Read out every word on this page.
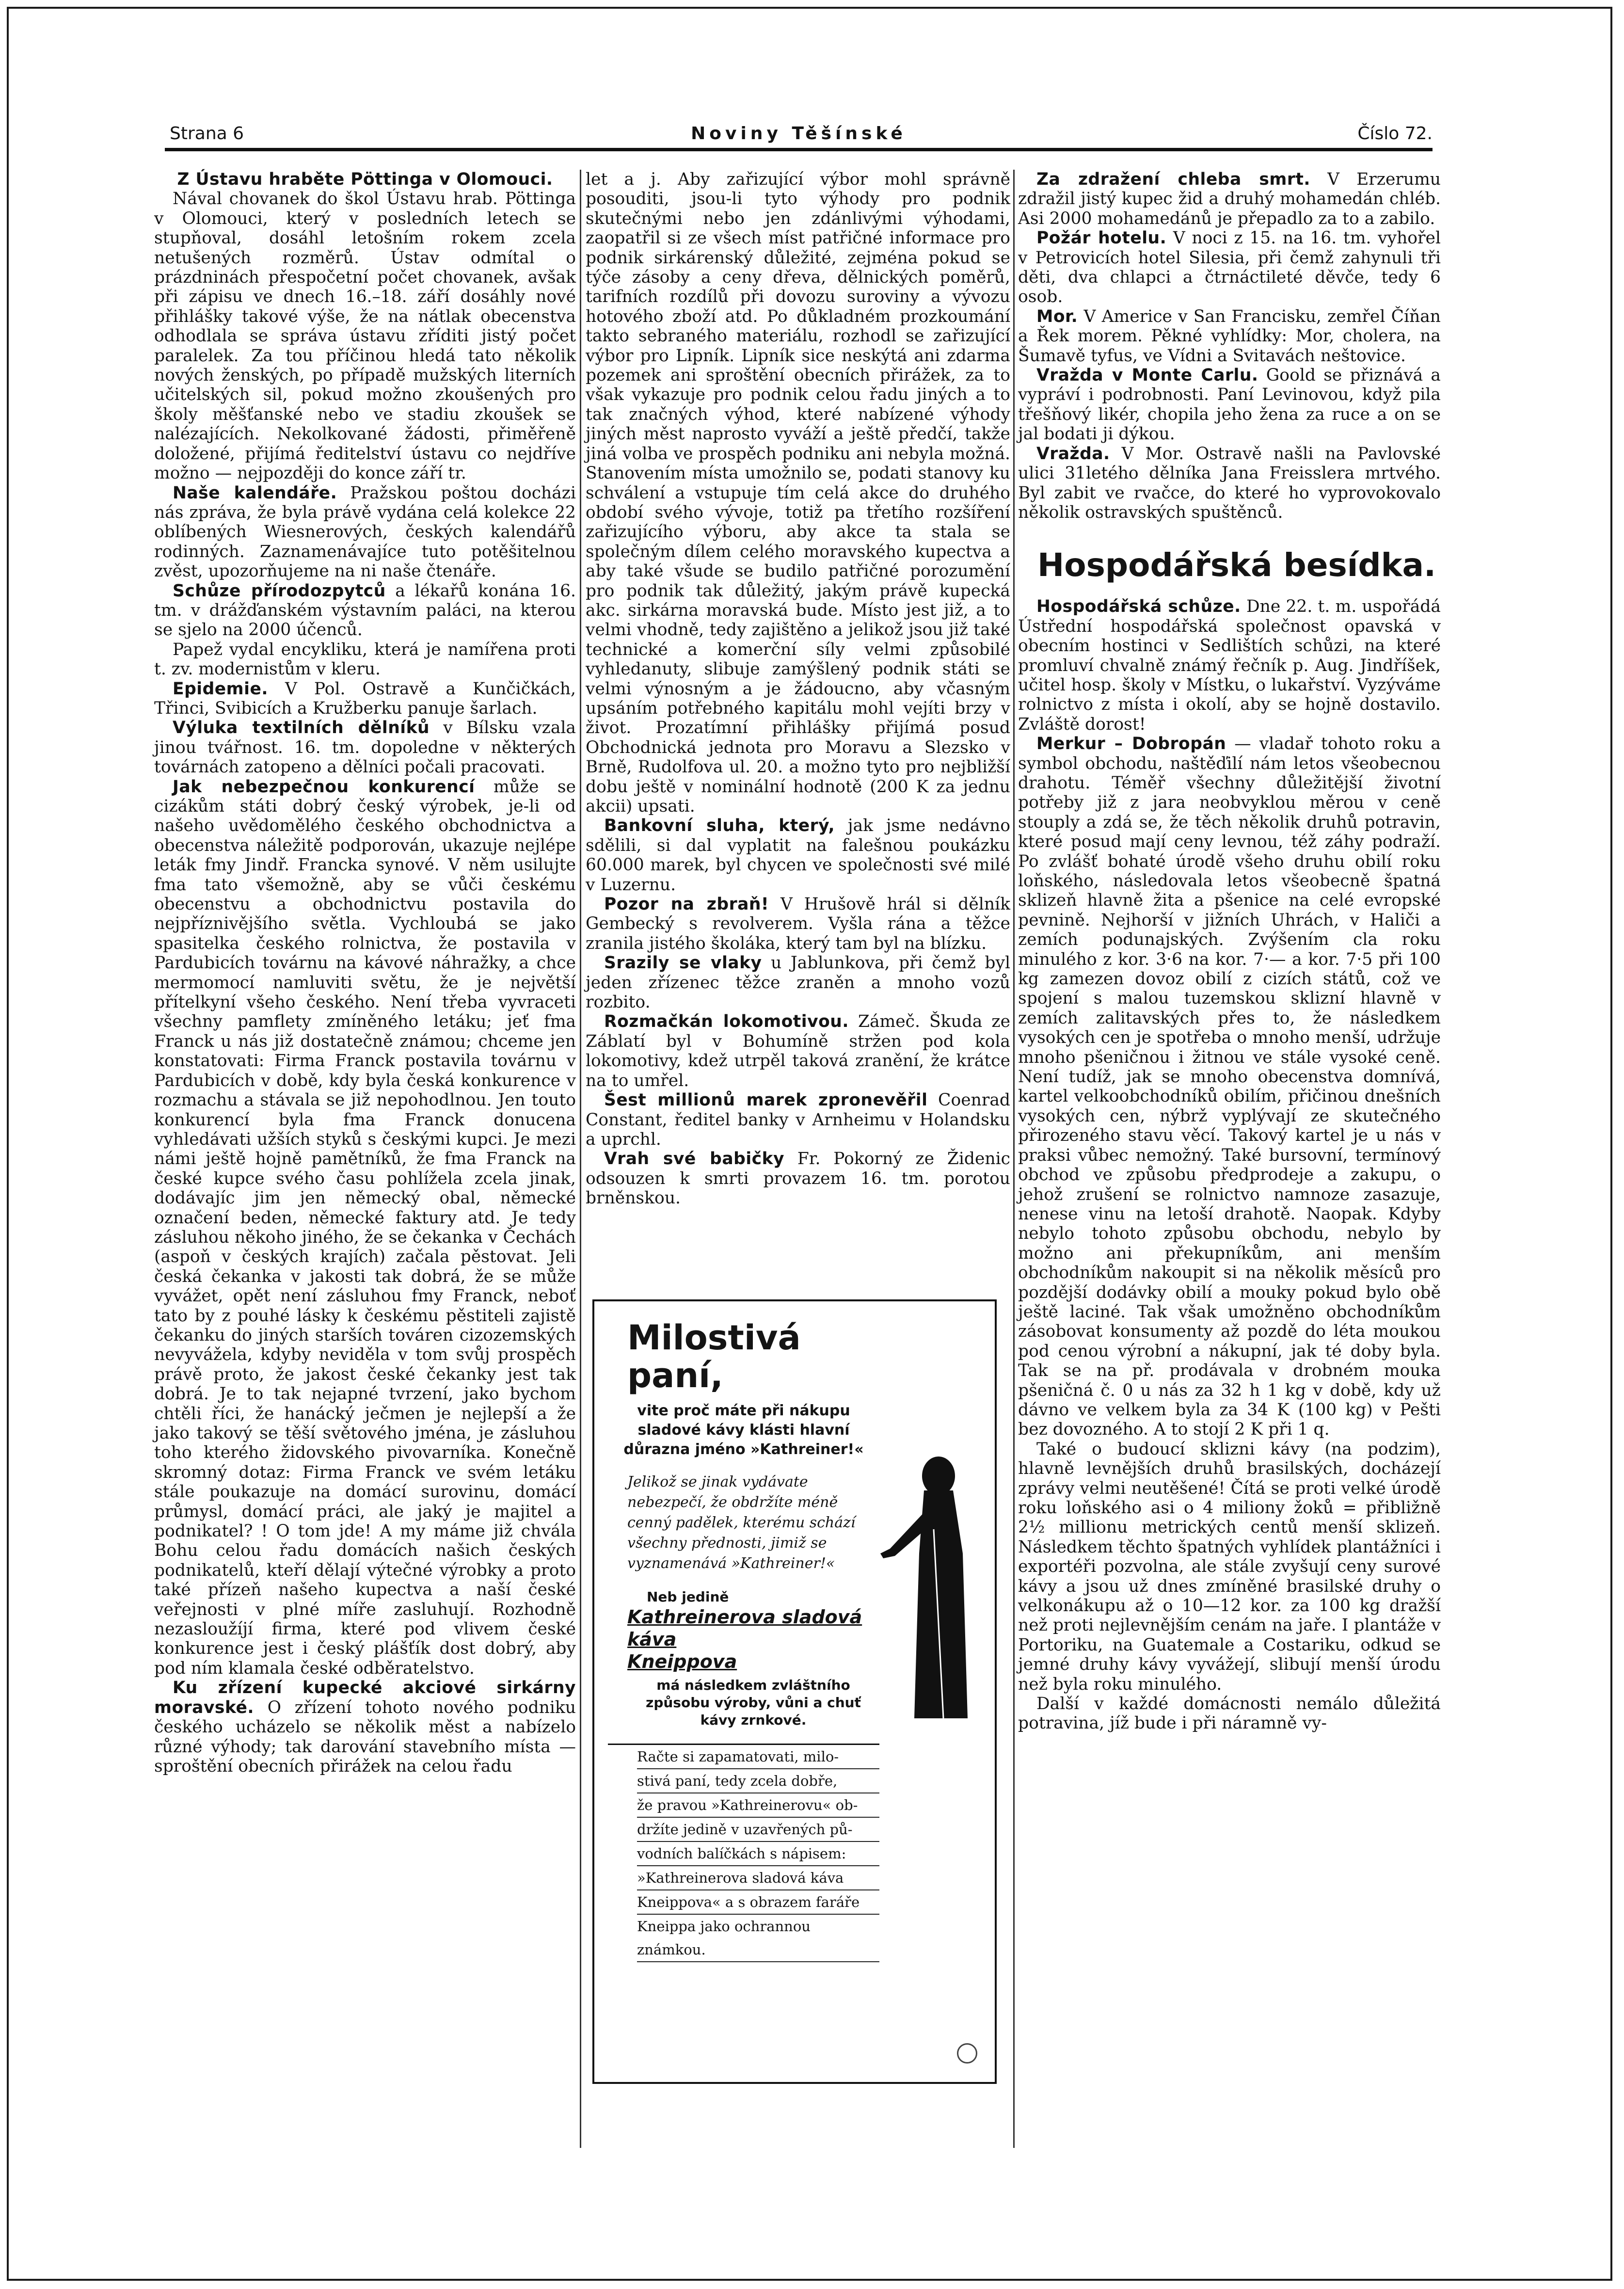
Strana 6	Noviny Těšínské	Číslo 72.

Z Ústavu hraběte Pöttinga v Olomouci.

Nával chovanek do škol Ústavu hrab. Pöttinga v Olomouci, který v posledních letech se stupňoval, dosáhl letošním rokem zcela netušených rozměrů. Ústav odmítal o prázdninách přespočetní počet chovanek, avšak při zápisu ve dnech 16.–18. září dosáhly nové přihlášky takové výše, že na nátlak obecenstva odhodlala se správa ústavu zříditi jistý počet paralelek. Za tou příčinou hledá tato několik nových ženských, po případě mužských literních učitelských sil, pokud možno zkoušených pro školy měšťanské nebo ve stadiu zkoušek se nalézajících. Nekolkované žádosti, přiměřeně doložené, přijímá ředitelství ústavu co nejdříve možno — nejpozději do konce září tr.

Naše kalendáře. Pražskou poštou docházi nás zpráva, že byla právě vydána celá kolekce 22 oblíbených Wiesnerových, českých kalendářů rodinných. Zaznamenávajíce tuto potěšitelnou zvěst, upozorňujeme na ni naše čtenáře.

Schůze přírodozpytců a lékařů konána 16. tm. v drážďanském výstavním paláci, na kterou se sjelo na 2000 účenců.

Papež vydal encykliku, která je namířena proti t. zv. modernistům v kleru.

Epidemie. V Pol. Ostravě a Kunčičkách, Třinci, Svibicích a Kružberku panuje šarlach.

Výluka textilních dělníků v Bílsku vzala jinou tvářnost. 16. tm. dopoledne v některých továrnách zatopeno a dělníci počali pracovati.

Jak nebezpečnou konkurencí může se cizákům státi dobrý český výrobek, je-li od našeho uvědomělého českého obchodnictva a obecenstva náležitě podporován, ukazuje nejlépe leták fmy Jindř. Francka synové. V něm usilujte fma tato všemožně, aby se vůči českému obecenstvu a obchodnictvu postavila do nejpříznivějšího světla. Vychloubá se jako spasitelka českého rolnictva, že postavila v Pardubicích továrnu na kávové náhražky, a chce mermomocí namluviti světu, že je největší přítelkyní všeho českého. Není třeba vyvraceti všechny pamflety zmíněného letáku; jeť fma Franck u nás již dostatečně známou; chceme jen konstatovati: Firma Franck postavila továrnu v Pardubicích v době, kdy byla česká konkurence v rozmachu a stávala se již nepohodlnou. Jen touto konkurencí byla fma Franck donucena vyhledávati užších styků s českými kupci. Je mezi námi ještě hojně pamětníků, že fma Franck na české kupce svého času pohlížela zcela jinak, dodávajíc jim jen německý obal, německé označení beden, německé faktury atd. Je tedy zásluhou někoho jiného, že se čekanka v Čechách (aspoň v českých krajích) začala pěstovat. Jeli česká čekanka v jakosti tak dobrá, že se může vyvážet, opět není zásluhou fmy Franck, neboť tato by z pouhé lásky k českému pěstiteli zajistě čekanku do jiných starších továren cizozemských nevyvážela, kdyby neviděla v tom svůj prospěch právě proto, že jakost české čekanky jest tak dobrá. Je to tak nejapné tvrzení, jako bychom chtěli říci, že hanácký ječmen je nejlepší a že jako takový se těší světového jména, je zásluhou toho kterého židovského pivovarníka. Konečně skromný dotaz: Firma Franck ve svém letáku stále poukazuje na domácí surovinu, domácí průmysl, domácí práci, ale jaký je majitel a podnikatel? ! O tom jde! A my máme již chvála Bohu celou řadu domácích našich českých podnikatelů, kteří dělají výtečné výrobky a proto také přízeň našeho kupectva a naší české veřejnosti v plné míře zasluhují. Rozhodně nezasloužíjí firma, které pod vlivem české konkurence jest i český plášťík dost dobrý, aby pod ním klamala české odběratelstvo.

Ku zřízení kupecké akciové sirkárny moravské. O zřízení tohoto nového podniku českého ucházelo se několik měst a nabízelo různé výhody; tak darování stavebního místa — sproštění obecních přirážek na celou řadu

let a j. Aby zařizující výbor mohl správně posouditi, jsou-li tyto výhody pro podnik skutečnými nebo jen zdánlivými výhodami, zaopatřil si ze všech míst patřičné informace pro podnik sirkárenský důležité, zejména pokud se týče zásoby a ceny dřeva, dělnických poměrů, tarifních rozdílů při dovozu suroviny a vývozu hotového zboží atd. Po důkladném prozkoumání takto sebraného materiálu, rozhodl se zařizující výbor pro Lipník. Lipník sice neskýtá ani zdarma pozemek ani sproštění obecních přirážek, za to však vykazuje pro podnik celou řadu jiných a to tak značných výhod, které nabízené výhody jiných měst naprosto vyváží a ještě předčí, takže jiná volba ve prospěch podniku ani nebyla možná. Stanovením místa umožnilo se, podati stanovy ku schválení a vstupuje tím celá akce do druhého období svého vývoje, totiž pa třetího rozšíření zařizujícího výboru, aby akce ta stala se společným dílem celého moravského kupectva a aby také všude se budilo patřičné porozumění pro podnik tak důležitý, jakým právě kupecká akc. sirkárna moravská bude. Místo jest již, a to velmi vhodně, tedy zajištěno a jelikož jsou již také technické a komerční síly velmi způsobilé vyhledanuty, slibuje zamýšlený podnik státi se velmi výnosným a je žádoucno, aby včasným upsáním potřebného kapitálu mohl vejíti brzy v život. Prozatímní přihlášky přijímá posud Obchodnická jednota pro Moravu a Slezsko v Brně, Rudolfova ul. 20. a možno tyto pro nejbližší dobu ještě v nominální hodnotě (200 K za jednu akcii) upsati.

Bankovní sluha, který, jak jsme nedávno sdělili, si dal vyplatit na falešnou poukázku 60.000 marek, byl chycen ve společnosti své milé v Luzernu.

Pozor na zbraň! V Hrušově hrál si dělník Gembecký s revolverem. Vyšla rána a těžce zranila jistého školáka, který tam byl na blízku.

Srazily se vlaky u Jablunkova, při čemž byl jeden zřízenec těžce zraněn a mnoho vozů rozbito.

Rozmačkán lokomotivou. Zámeč. Škuda ze Záblatí byl v Bohumíně stržen pod kola lokomotivy, kdež utrpěl taková zranění, že krátce na to umřel.

Šest millionů marek zpronevěřil Coenrad Constant, ředitel banky v Arnheimu v Holandsku a uprchl.

Vrah své babičky Fr. Pokorný ze Židenic odsouzen k smrti provazem 16. tm. porotou brněnskou.

Milostivá paní,
vite proč máte při nákupu sladové kávy klásti hlavní důrazna jméno »Kathreiner!«
Jelikož se jinak vydávate nebezpečí, že obdržíte méně cenný padělek, kterému schází všechny přednosti, jimiž se vyznamenává »Kathreiner!«
Neb jedině
Kathreinerova sladová káva
Kneippova
má následkem zvláštního způsobu výroby, vůni a chuť kávy zrnkové.
Račte si zapamatovati, milo-
stivá paní, tedy zcela dobře,
že pravou »Kathreinerovu« ob-
držíte jedině v uzavřených pů-
vodních balíčkách s nápisem:
»Kathreinerova sladová káva
Kneippova« a s obrazem faráře
Kneippa jako ochrannou známkou.

Za zdražení chleba smrt. V Erzerumu zdražil jistý kupec žid a druhý mohamedán chléb. Asi 2000 mohamedánů je přepadlo za to a zabilo.

Požár hotelu. V noci z 15. na 16. tm. vyhořel v Petrovicích hotel Silesia, při čemž zahynuli tři děti, dva chlapci a čtrnáctileté děvče, tedy 6 osob.

Mor. V Americe v San Francisku, zemřel Číňan a Řek morem. Pěkné vyhlídky: Mor, cholera, na Šumavě tyfus, ve Vídni a Svitavách neštovice.

Vražda v Monte Carlu. Goold se přiznává a vypráví i podrobnosti. Paní Levinovou, když pila třešňový likér, chopila jeho žena za ruce a on se jal bodati ji dýkou.

Vražda. V Mor. Ostravě našli na Pavlovské ulici 31letého dělníka Jana Freisslera mrtvého. Byl zabit ve rvačce, do které ho vyprovokovalo několik ostravských spuštěnců.

Hospodářská besídka.

Hospodářská schůze. Dne 22. t. m. uspořádá Ústřední hospodářská společnost opavská v obecním hostinci v Sedlištích schůzi, na které promluví chvalně známý řečník p. Aug. Jindříšek, učitel hosp. školy v Místku, o lukařství. Vyzýváme rolnictvo z místa i okolí, aby se hojně dostavilo. Zvláště dorost!

Merkur – Dobropán — vladař tohoto roku a symbol obchodu, naštěďilí nám letos všeobecnou drahotu. Téměř všechny důležitější životní potřeby již z jara neobvyklou měrou v ceně stouply a zdá se, že těch několik druhů potravin, které posud mají ceny levnou, též záhy podraží. Po zvlášť bohaté úrodě všeho druhu obilí roku loňského, následovala letos všeobecně špatná sklizeň hlavně žita a pšenice na celé evropské pevnině. Nejhorší v jižních Uhrách, v Haliči a zemích podunajských. Zvýšením cla roku minulého z kor. 3·6 na kor. 7·— a kor. 7·5 při 100 kg zamezen dovoz obilí z cizích států, což ve spojení s malou tuzemskou sklizní hlavně v zemích zalitavských přes to, že následkem vysokých cen je spotřeba o mnoho menší, udržuje mnoho pšeničnou i žitnou ve stále vysoké ceně. Není tudíž, jak se mnoho obecenstva domnívá, kartel velkoobchodníků obilím, přičinou dnešních vysokých cen, nýbrž vyplývají ze skutečného přirozeného stavu věcí. Takový kartel je u nás v praksi vůbec nemožný. Také bursovní, termínový obchod ve způsobu předprodeje a zakupu, o jehož zrušení se rolnictvo namnoze zasazuje, nenese vinu na letoší drahotě. Naopak. Kdyby nebylo tohoto způsobu obchodu, nebylo by možno ani překupníkům, ani menším obchodníkům nakoupit si na několik měsíců pro pozdější dodávky obilí a mouky pokud bylo obě ještě laciné. Tak však umožněno obchodníkům zásobovat konsumenty až pozdě do léta moukou pod cenou výrobní a nákupní, jak té doby byla. Tak se na př. prodávala v drobném mouka pšeničná č. 0 u nás za 32 h 1 kg v době, kdy už dávno ve velkem byla za 34 K (100 kg) v Pešti bez dovozného. A to stojí 2 K při 1 q.

Také o budoucí sklizni kávy (na podzim), hlavně levnějších druhů brasilských, docházejí zprávy velmi neutěšené! Čítá se proti velké úrodě roku loňského asi o 4 miliony žoků = přibližně 2½ millionu metrických centů menší sklizeň. Následkem těchto špatných vyhlídek plantážníci i exportéři pozvolna, ale stále zvyšují ceny surové kávy a jsou už dnes zmíněné brasilské druhy o velkonákupu až o 10—12 kor. za 100 kg dražší než proti nejlevnějším cenám na jaře. I plantáže v Portoriku, na Guatemale a Costariku, odkud se jemné druhy kávy vyvážejí, slibují menší úrodu než byla roku minulého.

Další v každé domácnosti nemálo důležitá potravina, jíž bude i při náramně vy-
